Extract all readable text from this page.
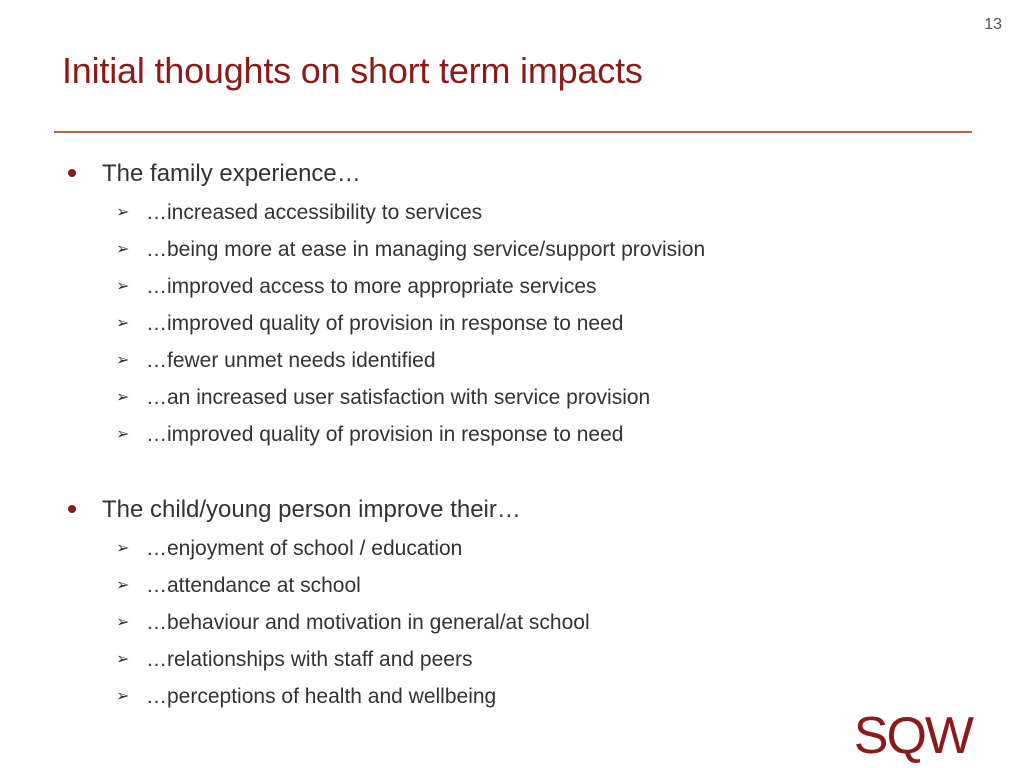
13
Initial thoughts on short term impacts
The family experience…
➢ …increased accessibility to services
➢ …being more at ease in managing service/support provision
➢ …improved access to more appropriate services
➢ …improved quality of provision in response to need
➢ …fewer unmet needs identified
➢ …an increased user satisfaction with service provision
➢ …improved quality of provision in response to need
The child/young person improve their…
➢ …enjoyment of school / education
➢ …attendance at school
➢ …behaviour and motivation in general/at school
➢ …relationships with staff and peers
➢ …perceptions of health and wellbeing
SQW
